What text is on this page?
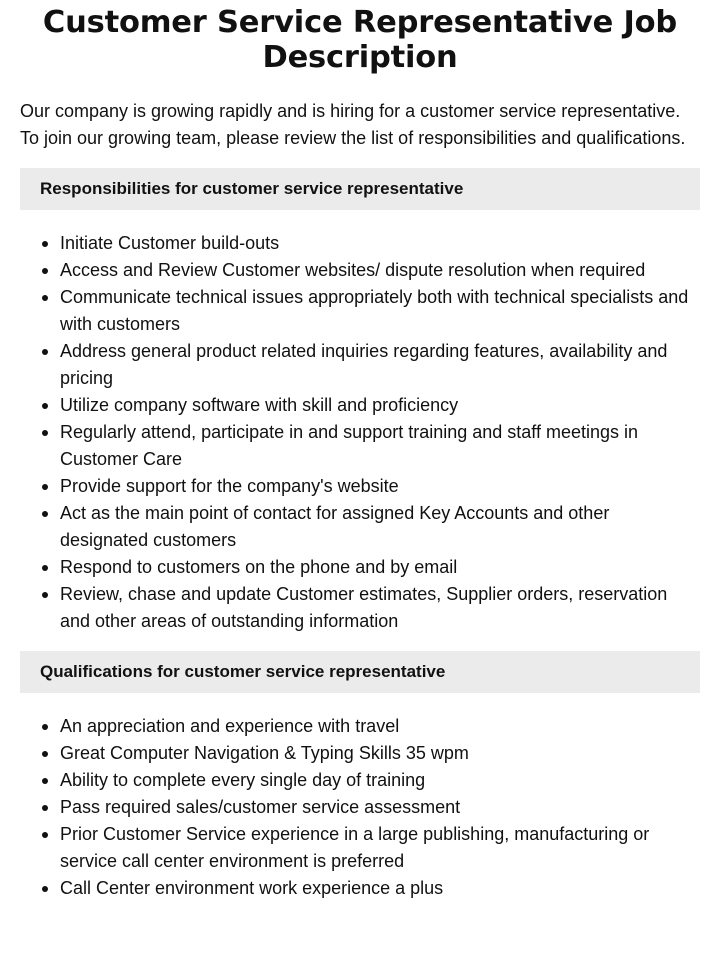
Customer Service Representative Job Description

Our company is growing rapidly and is hiring for a customer service representative. To join our growing team, please review the list of responsibilities and qualifications.

Responsibilities for customer service representative
Initiate Customer build-outs
Access and Review Customer websites/ dispute resolution when required
Communicate technical issues appropriately both with technical specialists and with customers
Address general product related inquiries regarding features, availability and pricing
Utilize company software with skill and proficiency
Regularly attend, participate in and support training and staff meetings in Customer Care
Provide support for the company's website
Act as the main point of contact for assigned Key Accounts and other designated customers
Respond to customers on the phone and by email
Review, chase and update Customer estimates, Supplier orders, reservation and other areas of outstanding information
Qualifications for customer service representative
An appreciation and experience with travel
Great Computer Navigation & Typing Skills 35 wpm
Ability to complete every single day of training
Pass required sales/customer service assessment
Prior Customer Service experience in a large publishing, manufacturing or service call center environment is preferred
Call Center environment work experience a plus
